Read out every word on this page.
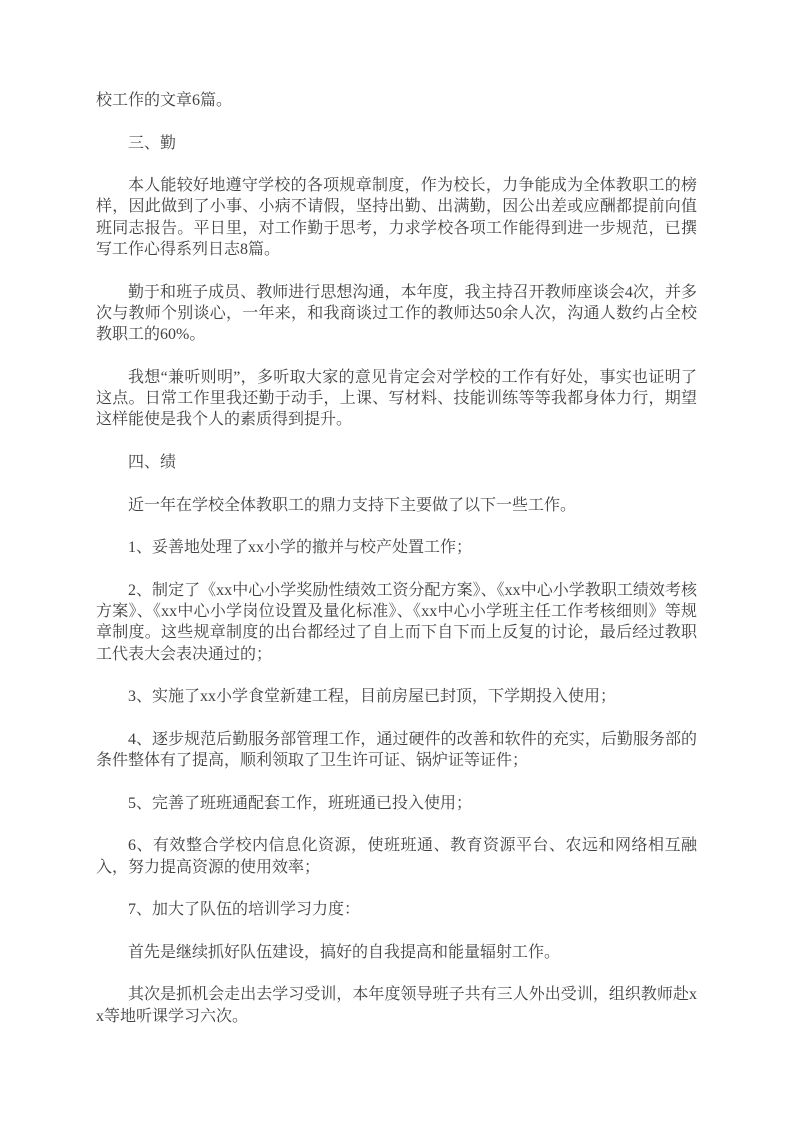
校工作的文章6篇。

三、勤

本人能较好地遵守学校的各项规章制度，作为校长，力争能成为全体教职工的榜样，因此做到了小事、小病不请假，坚持出勤、出满勤，因公出差或应酬都提前向值班同志报告。平日里，对工作勤于思考，力求学校各项工作能得到进一步规范，已撰写工作心得系列日志8篇。

勤于和班子成员、教师进行思想沟通，本年度，我主持召开教师座谈会4次，并多次与教师个别谈心，一年来，和我商谈过工作的教师达50余人次，沟通人数约占全校教职工的60%。

我想“兼听则明”，多听取大家的意见肯定会对学校的工作有好处，事实也证明了这点。日常工作里我还勤于动手，上课、写材料、技能训练等等我都身体力行，期望这样能使是我个人的素质得到提升。

四、绩

近一年在学校全体教职工的鼎力支持下主要做了以下一些工作。

1、妥善地处理了xx小学的撤并与校产处置工作；

2、制定了《xx中心小学奖励性绩效工资分配方案》、《xx中心小学教职工绩效考核方案》、《xx中心小学岗位设置及量化标准》、《xx中心小学班主任工作考核细则》等规章制度。这些规章制度的出台都经过了自上而下自下而上反复的讨论，最后经过教职工代表大会表决通过的；

3、实施了xx小学食堂新建工程，目前房屋已封顶，下学期投入使用；

4、逐步规范后勤服务部管理工作，通过硬件的改善和软件的充实，后勤服务部的条件整体有了提高，顺利领取了卫生许可证、锅炉证等证件；

5、完善了班班通配套工作，班班通已投入使用；

6、有效整合学校内信息化资源，使班班通、教育资源平台、农远和网络相互融入，努力提高资源的使用效率；

7、加大了队伍的培训学习力度：

首先是继续抓好队伍建设，搞好的自我提高和能量辐射工作。

其次是抓机会走出去学习受训，本年度领导班子共有三人外出受训，组织教师赴xx等地听课学习六次。
